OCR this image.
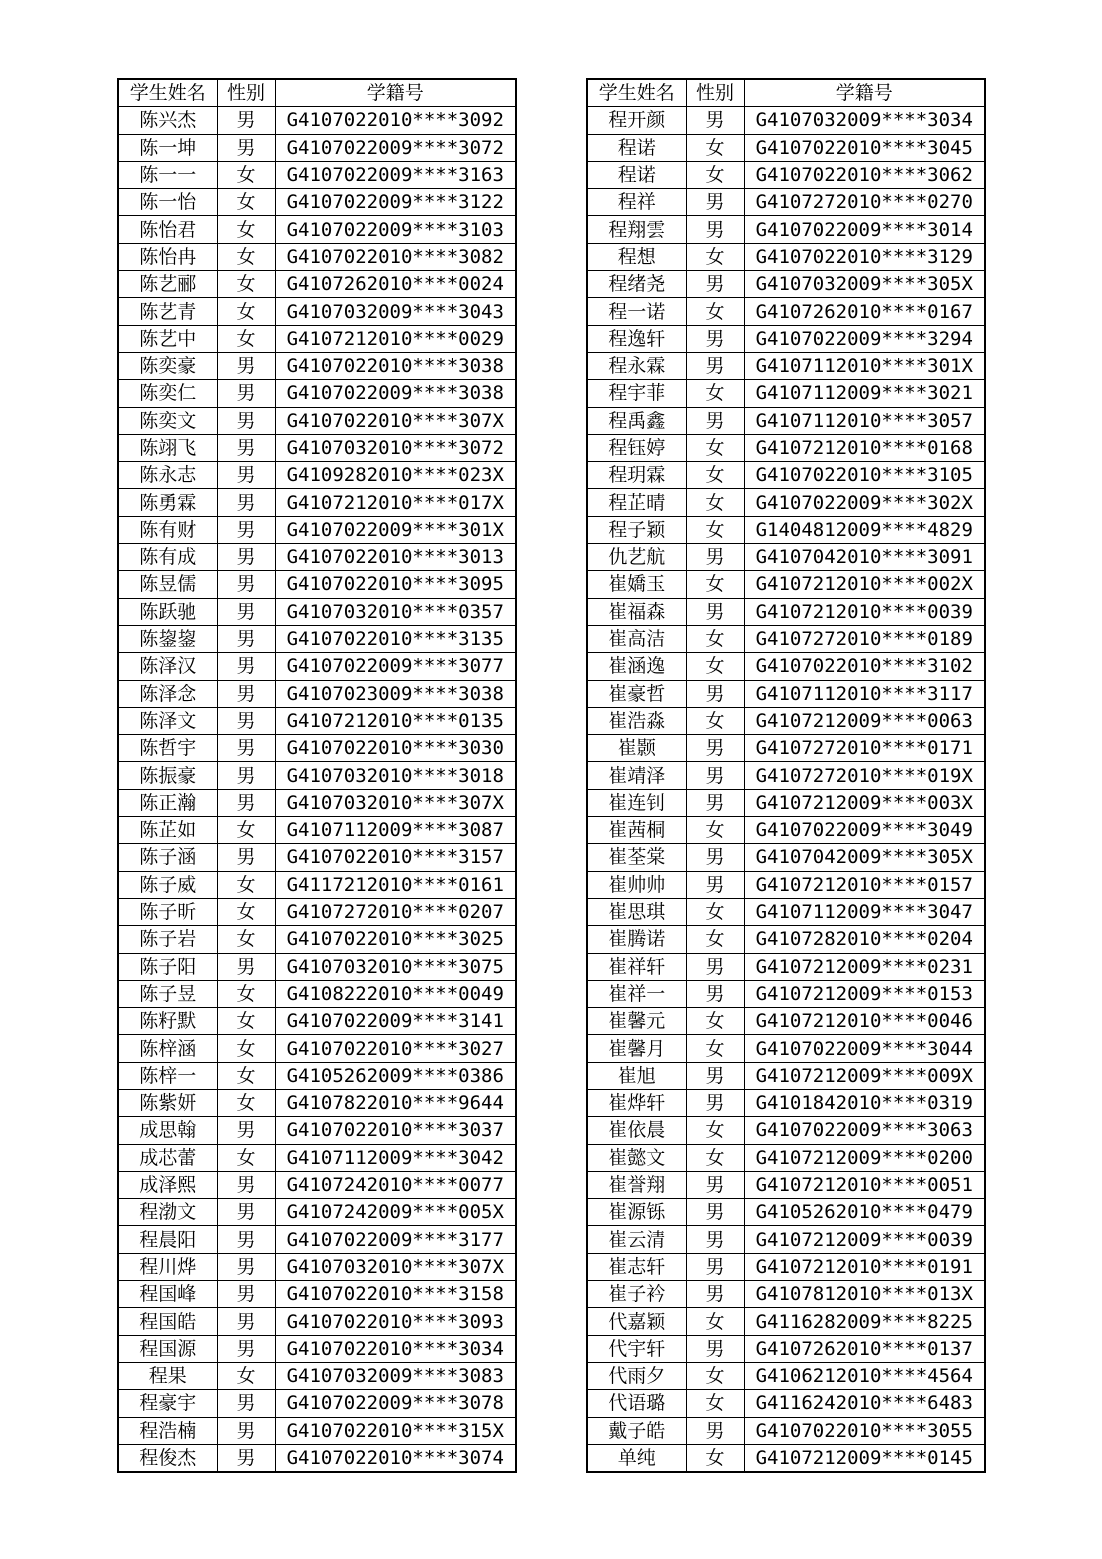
学生姓名	性别	学籍号
陈兴杰	男	G4107022010****3092
陈一坤	男	G4107022009****3072
陈一一	女	G4107022009****3163
陈一怡	女	G4107022009****3122
陈怡君	女	G4107022009****3103
陈怡冉	女	G4107022010****3082
陈艺郦	女	G4107262010****0024
陈艺青	女	G4107032009****3043
陈艺中	女	G4107212010****0029
陈奕豪	男	G4107022010****3038
陈奕仁	男	G4107022009****3038
陈奕文	男	G4107022010****307X
陈翊飞	男	G4107032010****3072
陈永志	男	G4109282010****023X
陈勇霖	男	G4107212010****017X
陈有财	男	G4107022009****301X
陈有成	男	G4107022010****3013
陈昱儒	男	G4107022010****3095
陈跃驰	男	G4107032010****0357
陈鋆鋆	男	G4107022010****3135
陈泽汉	男	G4107022009****3077
陈泽念	男	G4107023009****3038
陈泽文	男	G4107212010****0135
陈哲宇	男	G4107022010****3030
陈振豪	男	G4107032010****3018
陈正瀚	男	G4107032010****307X
陈芷如	女	G4107112009****3087
陈子涵	男	G4107022010****3157
陈子威	女	G4117212010****0161
陈子昕	女	G4107272010****0207
陈子岩	女	G4107022010****3025
陈子阳	男	G4107032010****3075
陈子昱	女	G4108222010****0049
陈籽默	女	G4107022009****3141
陈梓涵	女	G4107022010****3027
陈梓一	女	G4105262009****0386
陈紫妍	女	G4107822010****9644
成思翰	男	G4107022010****3037
成芯蕾	女	G4107112009****3042
成泽熙	男	G4107242010****0077
程渤文	男	G4107242009****005X
程晨阳	男	G4107022009****3177
程川烨	男	G4107032010****307X
程国峰	男	G4107022010****3158
程国皓	男	G4107022010****3093
程国源	男	G4107022010****3034
程果	女	G4107032009****3083
程豪宇	男	G4107022009****3078
程浩楠	男	G4107022010****315X
程俊杰	男	G4107022010****3074
学生姓名	性别	学籍号
程开颜	男	G4107032009****3034
程诺	女	G4107022010****3045
程诺	女	G4107022010****3062
程祥	男	G4107272010****0270
程翔雲	男	G4107022009****3014
程想	女	G4107022010****3129
程绪尧	男	G4107032009****305X
程一诺	女	G4107262010****0167
程逸轩	男	G4107022009****3294
程永霖	男	G4107112010****301X
程宇菲	女	G4107112009****3021
程禹鑫	男	G4107112010****3057
程钰婷	女	G4107212010****0168
程玥霖	女	G4107022010****3105
程芷晴	女	G4107022009****302X
程子颖	女	G1404812009****4829
仇艺航	男	G4107042010****3091
崔嬌玉	女	G4107212010****002X
崔福森	男	G4107212010****0039
崔高洁	女	G4107272010****0189
崔涵逸	女	G4107022010****3102
崔豪哲	男	G4107112010****3117
崔浩淼	女	G4107212009****0063
崔颢	男	G4107272010****0171
崔靖泽	男	G4107272010****019X
崔连钊	男	G4107212009****003X
崔茜桐	女	G4107022009****3049
崔荃棠	男	G4107042009****305X
崔帅帅	男	G4107212010****0157
崔思琪	女	G4107112009****3047
崔腾诺	女	G4107282010****0204
崔祥轩	男	G4107212009****0231
崔祥一	男	G4107212009****0153
崔馨元	女	G4107212010****0046
崔馨月	女	G4107022009****3044
崔旭	男	G4107212009****009X
崔烨轩	男	G4101842010****0319
崔依晨	女	G4107022009****3063
崔懿文	女	G4107212009****0200
崔誉翔	男	G4107212010****0051
崔源铄	男	G4105262010****0479
崔云清	男	G4107212009****0039
崔志轩	男	G4107212010****0191
崔子衿	男	G4107812010****013X
代嘉颖	女	G4116282009****8225
代宇轩	男	G4107262010****0137
代雨夕	女	G4106212010****4564
代语璐	女	G4116242010****6483
戴子皓	男	G4107022010****3055
单纯	女	G4107212009****0145
